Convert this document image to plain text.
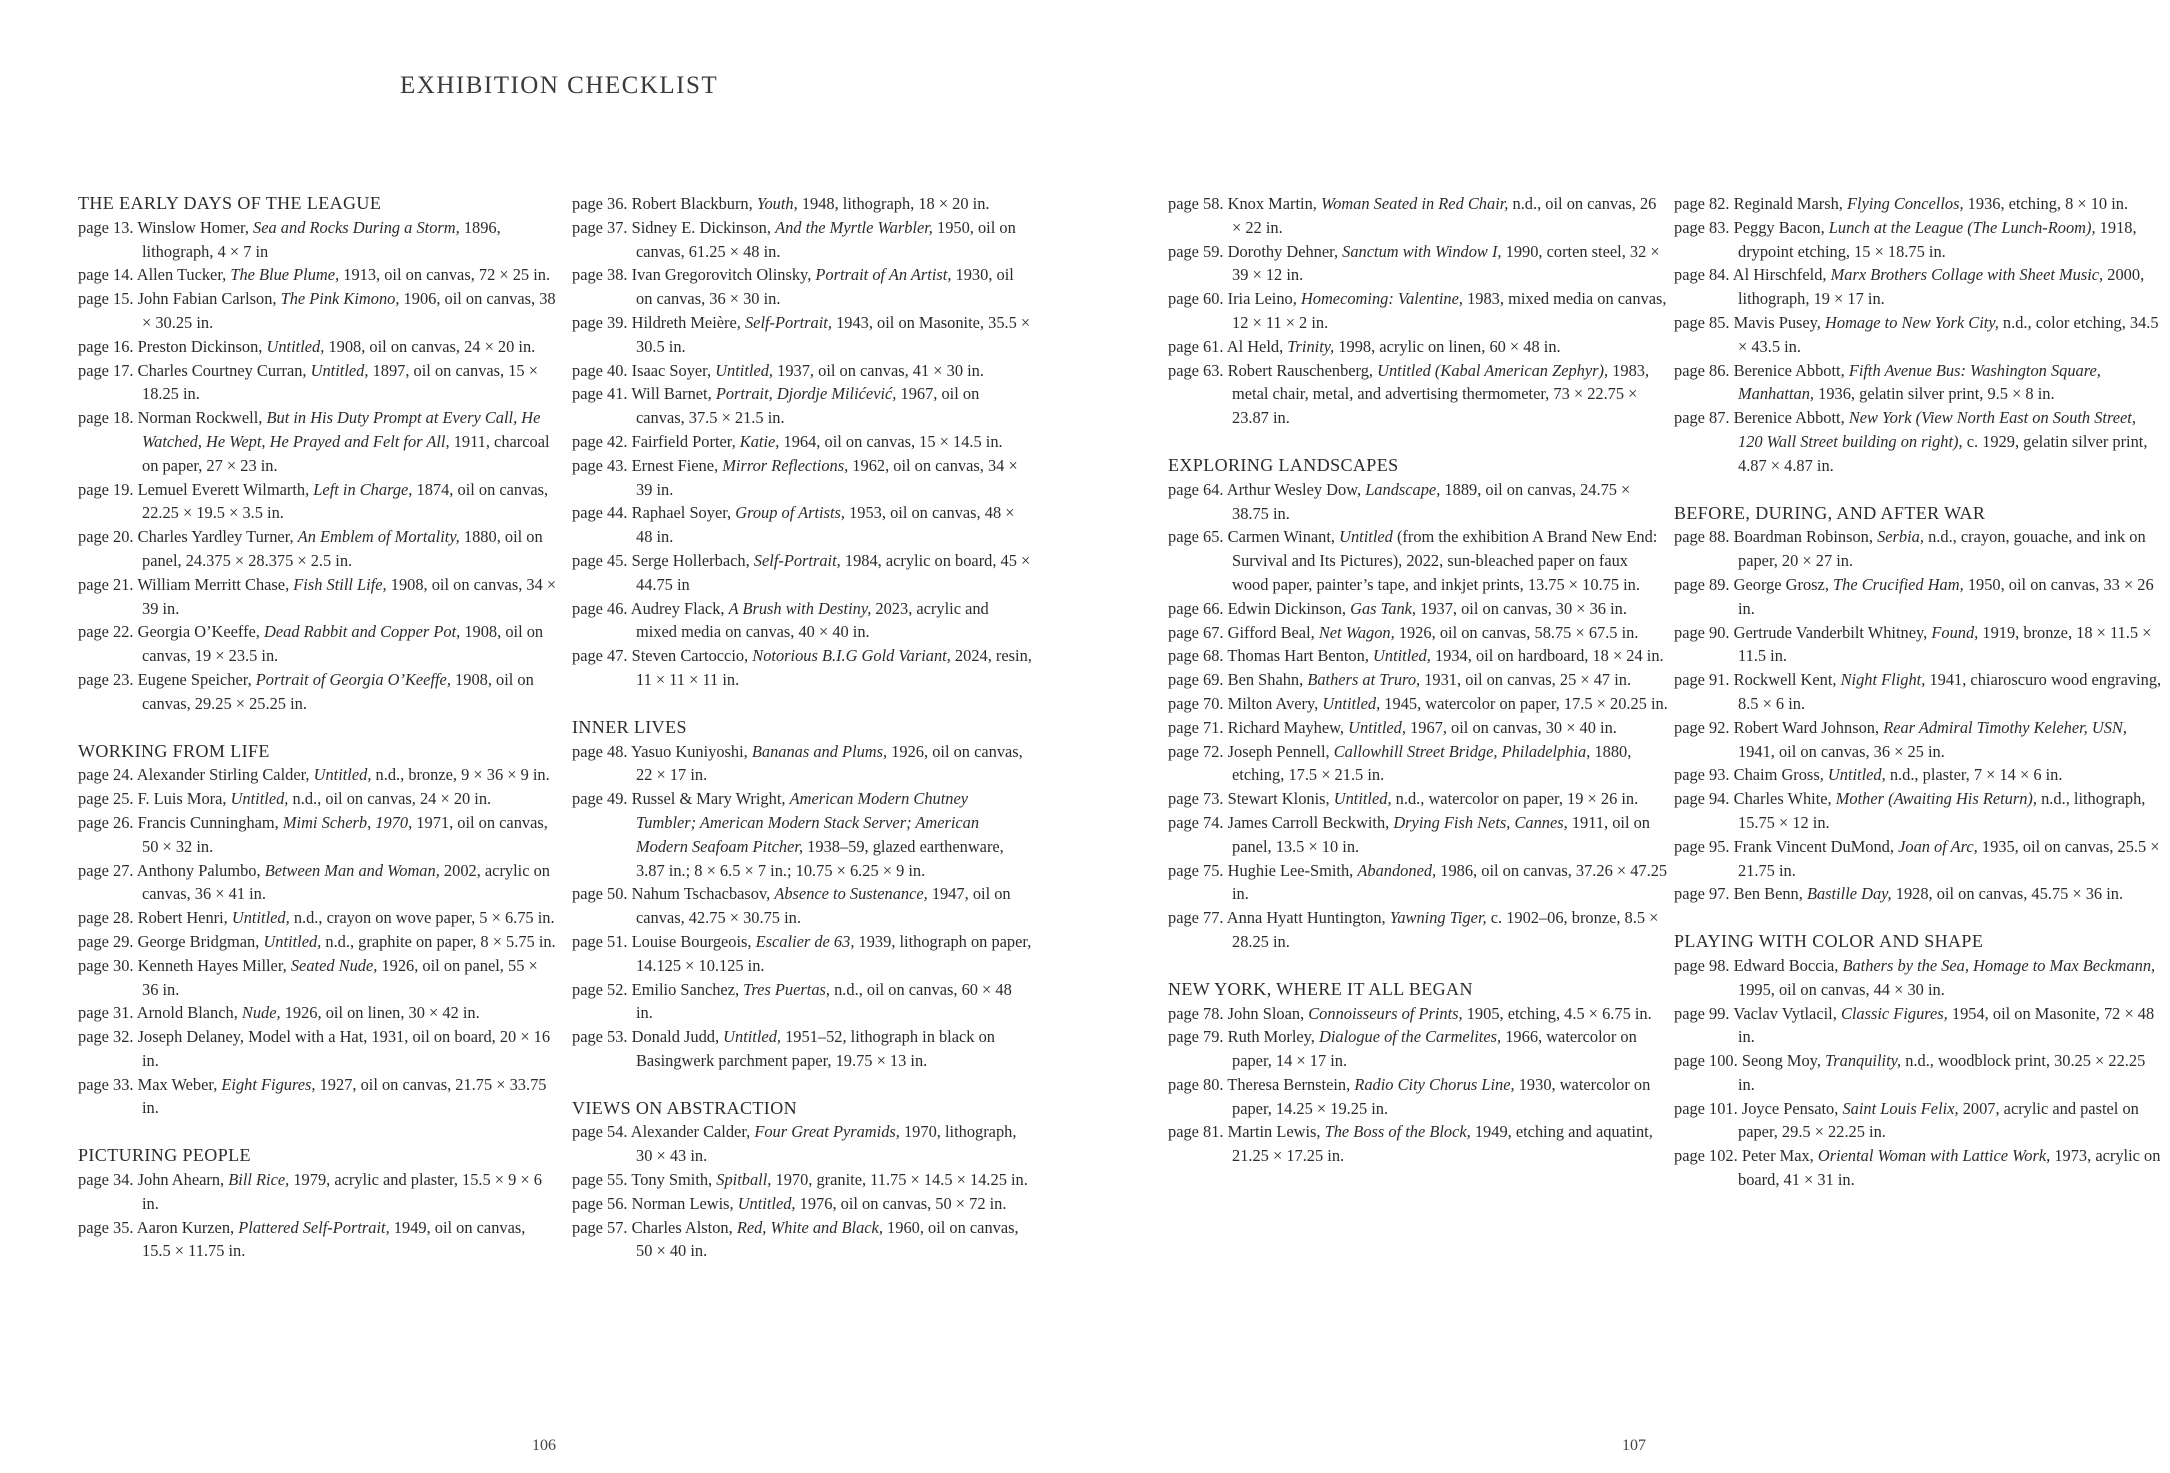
EXHIBITION CHECKLIST
THE EARLY DAYS OF THE LEAGUE

page 13. Winslow Homer, Sea and Rocks During a Storm, 1896, lithograph, 4 × 7 in

page 14. Allen Tucker, The Blue Plume, 1913, oil on canvas, 72 × 25 in.

page 15. John Fabian Carlson, The Pink Kimono, 1906, oil on canvas, 38 × 30.25 in.

page 16. Preston Dickinson, Untitled, 1908, oil on canvas, 24 × 20 in.

page 17. Charles Courtney Curran, Untitled, 1897, oil on canvas, 15 × 18.25 in.

page 18. Norman Rockwell, But in His Duty Prompt at Every Call, He Watched, He Wept, He Prayed and Felt for All, 1911, charcoal on paper, 27 × 23 in.

page 19. Lemuel Everett Wilmarth, Left in Charge, 1874, oil on canvas, 22.25 × 19.5 × 3.5 in.

page 20. Charles Yardley Turner, An Emblem of Mortality, 1880, oil on panel, 24.375 × 28.375 × 2.5 in.

page 21. William Merritt Chase, Fish Still Life, 1908, oil on canvas, 34 × 39 in.

page 22. Georgia O’Keeffe, Dead Rabbit and Copper Pot, 1908, oil on canvas, 19 × 23.5 in.

page 23. Eugene Speicher, Portrait of Georgia O’Keeffe, 1908, oil on canvas, 29.25 × 25.25 in.

WORKING FROM LIFE

page 24. Alexander Stirling Calder, Untitled, n.d., bronze, 9 × 36 × 9 in.

page 25. F. Luis Mora, Untitled, n.d., oil on canvas, 24 × 20 in.

page 26. Francis Cunningham, Mimi Scherb, 1970, 1971, oil on canvas, 50 × 32 in.

page 27. Anthony Palumbo, Between Man and Woman, 2002, acrylic on canvas, 36 × 41 in.

page 28. Robert Henri, Untitled, n.d., crayon on wove paper, 5 × 6.75 in.

page 29. George Bridgman, Untitled, n.d., graphite on paper, 8 × 5.75 in.

page 30. Kenneth Hayes Miller, Seated Nude, 1926, oil on panel, 55 × 36 in.

page 31. Arnold Blanch, Nude, 1926, oil on linen, 30 × 42 in.

page 32. Joseph Delaney, Model with a Hat, 1931, oil on board, 20 × 16 in.

page 33. Max Weber, Eight Figures, 1927, oil on canvas, 21.75 × 33.75 in.

PICTURING PEOPLE

page 34. John Ahearn, Bill Rice, 1979, acrylic and plaster, 15.5 × 9 × 6 in.

page 35. Aaron Kurzen, Plattered Self-Portrait, 1949, oil on canvas, 15.5 × 11.75 in.

page 36. Robert Blackburn, Youth, 1948, lithograph, 18 × 20 in.

page 37. Sidney E. Dickinson, And the Myrtle Warbler, 1950, oil on canvas, 61.25 × 48 in.

page 38. Ivan Gregorovitch Olinsky, Portrait of An Artist, 1930, oil on canvas, 36 × 30 in.

page 39. Hildreth Meière, Self-Portrait, 1943, oil on Masonite, 35.5 × 30.5 in.

page 40. Isaac Soyer, Untitled, 1937, oil on canvas, 41 × 30 in.

page 41. Will Barnet, Portrait, Djordje Milićević, 1967, oil on canvas, 37.5 × 21.5 in.

page 42. Fairfield Porter, Katie, 1964, oil on canvas, 15 × 14.5 in.

page 43. Ernest Fiene, Mirror Reflections, 1962, oil on canvas, 34 × 39 in.

page 44. Raphael Soyer, Group of Artists, 1953, oil on canvas, 48 × 48 in.

page 45. Serge Hollerbach, Self-Portrait, 1984, acrylic on board, 45 × 44.75 in

page 46. Audrey Flack, A Brush with Destiny, 2023, acrylic and mixed media on canvas, 40 × 40 in.

page 47. Steven Cartoccio, Notorious B.I.G Gold Variant, 2024, resin, 11 × 11 × 11 in.

INNER LIVES

page 48. Yasuo Kuniyoshi, Bananas and Plums, 1926, oil on canvas, 22 × 17 in.

page 49. Russel & Mary Wright, American Modern Chutney Tumbler; American Modern Stack Server; American Modern Seafoam Pitcher, 1938–59, glazed earthenware, 3.87 in.; 8 × 6.5 × 7 in.; 10.75 × 6.25 × 9 in.

page 50. Nahum Tschacbasov, Absence to Sustenance, 1947, oil on canvas, 42.75 × 30.75 in.

page 51. Louise Bourgeois, Escalier de 63, 1939, lithograph on paper, 14.125 × 10.125 in.

page 52. Emilio Sanchez, Tres Puertas, n.d., oil on canvas, 60 × 48 in.

page 53. Donald Judd, Untitled, 1951–52, lithograph in black on Basingwerk parchment paper, 19.75 × 13 in.

VIEWS ON ABSTRACTION

page 54. Alexander Calder, Four Great Pyramids, 1970, lithograph, 30 × 43 in.

page 55. Tony Smith, Spitball, 1970, granite, 11.75 × 14.5 × 14.25 in.

page 56. Norman Lewis, Untitled, 1976, oil on canvas, 50 × 72 in.

page 57. Charles Alston, Red, White and Black, 1960, oil on canvas, 50 × 40 in.

page 58. Knox Martin, Woman Seated in Red Chair, n.d., oil on canvas, 26 × 22 in.

page 59. Dorothy Dehner, Sanctum with Window I, 1990, corten steel, 32 × 39 × 12 in.

page 60. Iria Leino, Homecoming: Valentine, 1983, mixed media on canvas, 12 × 11 × 2 in.

page 61. Al Held, Trinity, 1998, acrylic on linen, 60 × 48 in.

page 63. Robert Rauschenberg, Untitled (Kabal American Zephyr), 1983, metal chair, metal, and advertising thermometer, 73 × 22.75 × 23.87 in.

EXPLORING LANDSCAPES

page 64. Arthur Wesley Dow, Landscape, 1889, oil on canvas, 24.75 × 38.75 in.

page 65. Carmen Winant, Untitled (from the exhibition A Brand New End: Survival and Its Pictures), 2022, sun-bleached paper on faux wood paper, painter’s tape, and inkjet prints, 13.75 × 10.75 in.

page 66. Edwin Dickinson, Gas Tank, 1937, oil on canvas, 30 × 36 in.

page 67. Gifford Beal, Net Wagon, 1926, oil on canvas, 58.75 × 67.5 in.

page 68. Thomas Hart Benton, Untitled, 1934, oil on hardboard, 18 × 24 in.

page 69. Ben Shahn, Bathers at Truro, 1931, oil on canvas, 25 × 47 in.

page 70. Milton Avery, Untitled, 1945, watercolor on paper, 17.5 × 20.25 in.

page 71. Richard Mayhew, Untitled, 1967, oil on canvas, 30 × 40 in.

page 72. Joseph Pennell, Callowhill Street Bridge, Philadelphia, 1880, etching, 17.5 × 21.5 in.

page 73. Stewart Klonis, Untitled, n.d., watercolor on paper, 19 × 26 in.

page 74. James Carroll Beckwith, Drying Fish Nets, Cannes, 1911, oil on panel, 13.5 × 10 in.

page 75. Hughie Lee-Smith, Abandoned, 1986, oil on canvas, 37.26 × 47.25 in.

page 77. Anna Hyatt Huntington, Yawning Tiger, c. 1902–06, bronze, 8.5 × 28.25 in.

NEW YORK, WHERE IT ALL BEGAN

page 78. John Sloan, Connoisseurs of Prints, 1905, etching, 4.5 × 6.75 in.

page 79. Ruth Morley, Dialogue of the Carmelites, 1966, watercolor on paper, 14 × 17 in.

page 80. Theresa Bernstein, Radio City Chorus Line, 1930, watercolor on paper, 14.25 × 19.25 in.

page 81. Martin Lewis, The Boss of the Block, 1949, etching and aquatint, 21.25 × 17.25 in.

page 82. Reginald Marsh, Flying Concellos, 1936, etching, 8 × 10 in.

page 83. Peggy Bacon, Lunch at the League (The Lunch-Room), 1918, drypoint etching, 15 × 18.75 in.

page 84. Al Hirschfeld, Marx Brothers Collage with Sheet Music, 2000, lithograph, 19 × 17 in.

page 85. Mavis Pusey, Homage to New York City, n.d., color etching, 34.5 × 43.5 in.

page 86. Berenice Abbott, Fifth Avenue Bus: Washington Square, Manhattan, 1936, gelatin silver print, 9.5 × 8 in.

page 87. Berenice Abbott, New York (View North East on South Street, 120 Wall Street building on right), c. 1929, gelatin silver print, 4.87 × 4.87 in.

BEFORE, DURING, AND AFTER WAR

page 88. Boardman Robinson, Serbia, n.d., crayon, gouache, and ink on paper, 20 × 27 in.

page 89. George Grosz, The Crucified Ham, 1950, oil on canvas, 33 × 26 in.

page 90. Gertrude Vanderbilt Whitney, Found, 1919, bronze, 18 × 11.5 × 11.5 in.

page 91. Rockwell Kent, Night Flight, 1941, chiaroscuro wood engraving, 8.5 × 6 in.

page 92. Robert Ward Johnson, Rear Admiral Timothy Keleher, USN, 1941, oil on canvas, 36 × 25 in.

page 93. Chaim Gross, Untitled, n.d., plaster, 7 × 14 × 6 in.

page 94. Charles White, Mother (Awaiting His Return), n.d., lithograph, 15.75 × 12 in.

page 95. Frank Vincent DuMond, Joan of Arc, 1935, oil on canvas, 25.5 × 21.75 in.

page 97. Ben Benn, Bastille Day, 1928, oil on canvas, 45.75 × 36 in.

PLAYING WITH COLOR AND SHAPE

page 98. Edward Boccia, Bathers by the Sea, Homage to Max Beckmann, 1995, oil on canvas, 44 × 30 in.

page 99. Vaclav Vytlacil, Classic Figures, 1954, oil on Masonite, 72 × 48 in.

page 100. Seong Moy, Tranquility, n.d., woodblock print, 30.25 × 22.25 in.

page 101. Joyce Pensato, Saint Louis Felix, 2007, acrylic and pastel on paper, 29.5 × 22.25 in.

page 102. Peter Max, Oriental Woman with Lattice Work, 1973, acrylic on board, 41 × 31 in.

106	107
